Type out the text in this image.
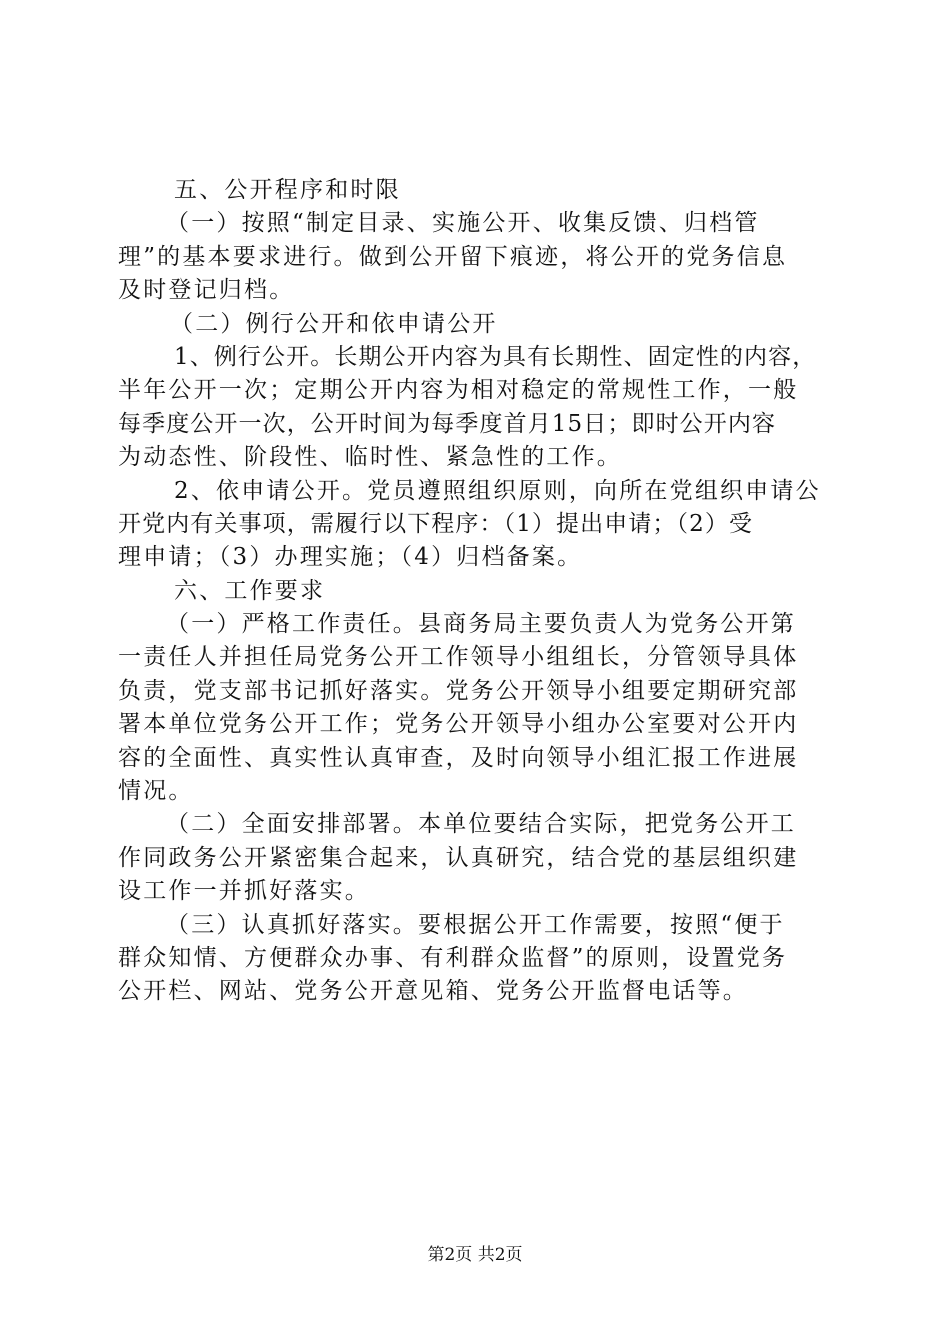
五、公开程序和时限
（一）按照“制定目录、实施公开、收集反馈、归档管
理”的基本要求进行。做到公开留下痕迹，将公开的党务信息
及时登记归档。
（二）例行公开和依申请公开
1、例行公开。长期公开内容为具有长期性、固定性的内容，
半年公开一次；定期公开内容为相对稳定的常规性工作，一般
每季度公开一次，公开时间为每季度首月15日；即时公开内容
为动态性、阶段性、临时性、紧急性的工作。
2、依申请公开。党员遵照组织原则，向所在党组织申请公
开党内有关事项，需履行以下程序：（1）提出申请；（2）受
理申请；（3）办理实施；（4）归档备案。
六、工作要求
（一）严格工作责任。县商务局主要负责人为党务公开第
一责任人并担任局党务公开工作领导小组组长，分管领导具体
负责，党支部书记抓好落实。党务公开领导小组要定期研究部
署本单位党务公开工作；党务公开领导小组办公室要对公开内
容的全面性、真实性认真审查，及时向领导小组汇报工作进展
情况。
（二）全面安排部署。本单位要结合实际，把党务公开工
作同政务公开紧密集合起来，认真研究，结合党的基层组织建
设工作一并抓好落实。
（三）认真抓好落实。要根据公开工作需要，按照“便于
群众知情、方便群众办事、有利群众监督”的原则，设置党务
公开栏、网站、党务公开意见箱、党务公开监督电话等。
第2页 共2页
